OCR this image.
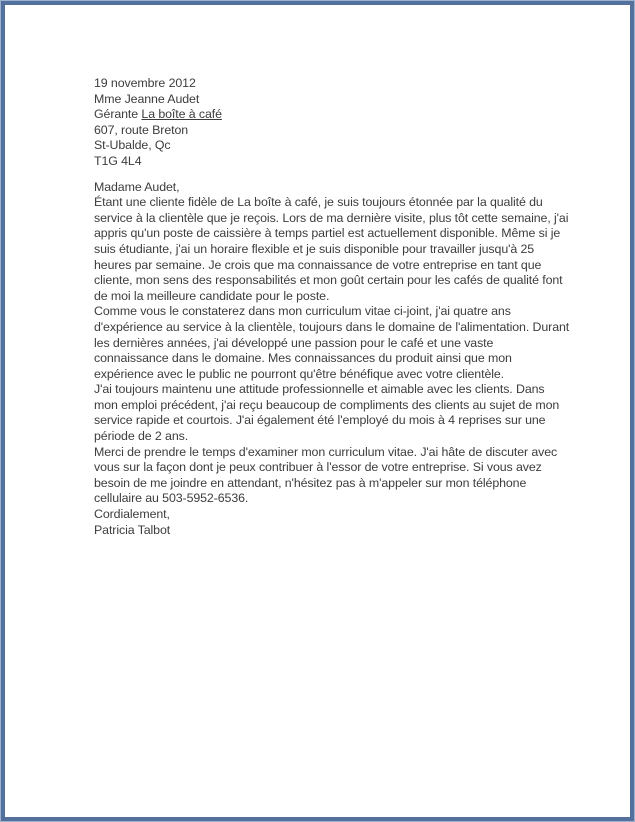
19 novembre 2012

Mme Jeanne Audet

Gérante La boîte à café
607, route Breton
St-Ubalde, Qc
T1G 4L4

Madame Audet,

Étant une cliente fidèle de La boîte à café, je suis toujours étonnée par la qualité du service à la clientèle que je reçois. Lors de ma dernière visite, plus tôt cette semaine, j'ai appris qu'un poste de caissière à temps partiel est actuellement disponible. Même si je suis étudiante, j'ai un horaire flexible et je suis disponible pour travailler jusqu'à 25 heures par semaine. Je crois que ma connaissance de votre entreprise en tant que cliente, mon sens des responsabilités et mon goût certain pour les cafés de qualité font de moi la meilleure candidate pour le poste.

Comme vous le constaterez dans mon curriculum vitae ci-joint, j'ai quatre ans d'expérience au service à la clientèle, toujours dans le domaine de l'alimentation. Durant les dernières années, j'ai développé une passion pour le café et une vaste connaissance dans le domaine. Mes connaissances du produit ainsi que mon expérience avec le public ne pourront qu'être bénéfique avec votre clientèle.

J'ai toujours maintenu une attitude professionnelle et aimable avec les clients. Dans mon emploi précédent, j'ai reçu beaucoup de compliments des clients au sujet de mon service rapide et courtois. J'ai également été l'employé du mois à 4 reprises sur une période de 2 ans.

Merci de prendre le temps d'examiner mon curriculum vitae. J'ai hâte de discuter avec vous sur la façon dont je peux contribuer à l'essor de votre entreprise. Si vous avez besoin de me joindre en attendant, n'hésitez pas à m'appeler sur mon téléphone cellulaire au 503-5952-6536.

Cordialement,

Patricia Talbot
